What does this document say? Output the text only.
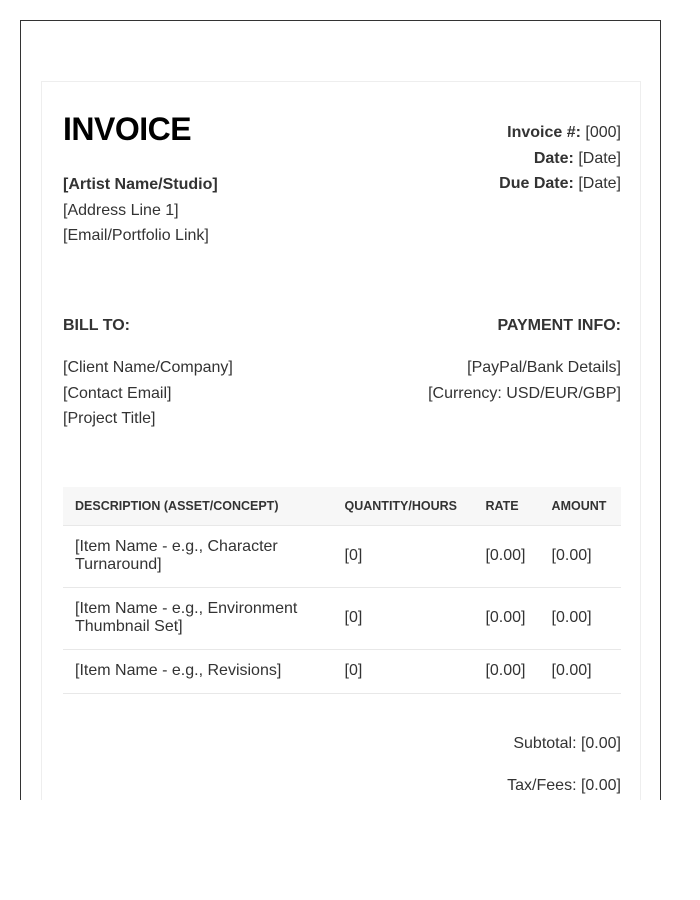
INVOICE
[Artist Name/Studio]
[Address Line 1]
[Email/Portfolio Link]
Invoice #: [000]
Date: [Date]
Due Date: [Date]
BILL TO:	PAYMENT INFO:
[Client Name/Company]
[Contact Email]
[Project Title]
[PayPal/Bank Details]
[Currency: USD/EUR/GBP]
DESCRIPTION (ASSET/CONCEPT)	QUANTITY/HOURS	RATE	AMOUNT
[Item Name - e.g., Character Turnaround]	[0]	[0.00]	[0.00]
[Item Name - e.g., Environment Thumbnail Set]	[0]	[0.00]	[0.00]
[Item Name - e.g., Revisions]	[0]	[0.00]	[0.00]
Subtotal: [0.00]
Tax/Fees: [0.00]
